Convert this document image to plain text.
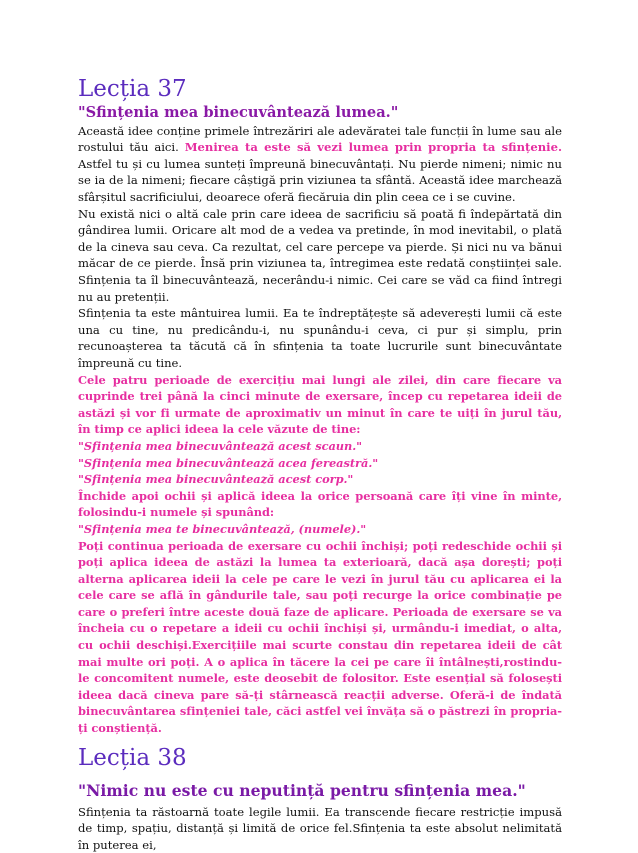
Lecția 37
"Sfințenia mea binecuvântează lumea."

Această idee conține primele întrezăriri ale adevăratei tale funcții în lume sau ale rostului tău aici. Menirea ta este să vezi lumea prin propria ta sfințenie. Astfel tu și cu lumea sunteți împreună binecuvântați. Nu pierde nimeni; nimic nu se ia de la nimeni; fiecare câștigă prin viziunea ta sfântă. Această idee marchează sfârșitul sacrificiului, deoarece oferă fiecăruia din plin ceea ce i se cuvine.

Nu există nici o altă cale prin care ideea de sacrificiu să poată fi îndepărtată din gândirea lumii. Oricare alt mod de a vedea va pretinde, în mod inevitabil, o plată de la cineva sau ceva. Ca rezultat, cel care percepe va pierde. Și nici nu va bănui măcar de ce pierde. Însă prin viziunea ta, întregimea este redată conștiinței sale. Sfințenia ta îl binecuvântează, necerându-i nimic. Cei care se văd ca fiind întregi nu au pretenții.

Sfințenia ta este mântuirea lumii. Ea te îndreptățește să adeverești lumii că este una cu tine, nu predicându-i, nu spunându-i ceva, ci pur și simplu, prin recunoașterea ta tăcută că în sfințenia ta toate lucrurile sunt binecuvântate împreună cu tine.

Cele patru perioade de exercițiu mai lungi ale zilei, din care fiecare va cuprinde trei până la cinci minute de exersare, încep cu repetarea ideii de astăzi și vor fi urmate de aproximativ un minut în care te uiți în jurul tău, în timp ce aplici ideea la cele văzute de tine:

"Sfințenia mea binecuvântează acest scaun."

"Sfințenia mea binecuvântează acea fereastră."

"Sfințenia mea binecuvântează acest corp."

Închide apoi ochii și aplică ideea la orice persoană care îți vine în minte, folosindu-i numele și spunând:

"Sfințenia mea te binecuvântează, (numele)."

Poți continua perioada de exersare cu ochii închiși; poți redeschide ochii și poți aplica ideea de astăzi la lumea ta exterioară, dacă așa dorești; poți alterna aplicarea ideii la cele pe care le vezi în jurul tău cu aplicarea ei la cele care se află în gândurile tale, sau poți recurge la orice combinație pe care o preferi între aceste două faze de aplicare. Perioada de exersare se va încheia cu o repetare a ideii cu ochii închiși și, urmându-i imediat, o alta, cu ochii deschiși.Exercițiile mai scurte constau din repetarea ideii de cât mai multe ori poți. A o aplica în tăcere la cei pe care îi întâlnești,rostindu-le concomitent numele, este deosebit de folositor. Este esențial să folosești ideea dacă cineva pare să-ți stârnească reacții adverse. Oferă-i de îndată binecuvântarea sfințeniei tale, căci astfel vei învăța să o păstrezi în propria-ți conștiență.

Lecția 38
"Nimic nu este cu neputință pentru sfințenia mea."

Sfințenia ta răstoarnă toate legile lumii. Ea transcende fiecare restricție impusă de timp, spațiu, distanță și limită de orice fel.Sfințenia ta este absolut nelimitată în puterea ei,
